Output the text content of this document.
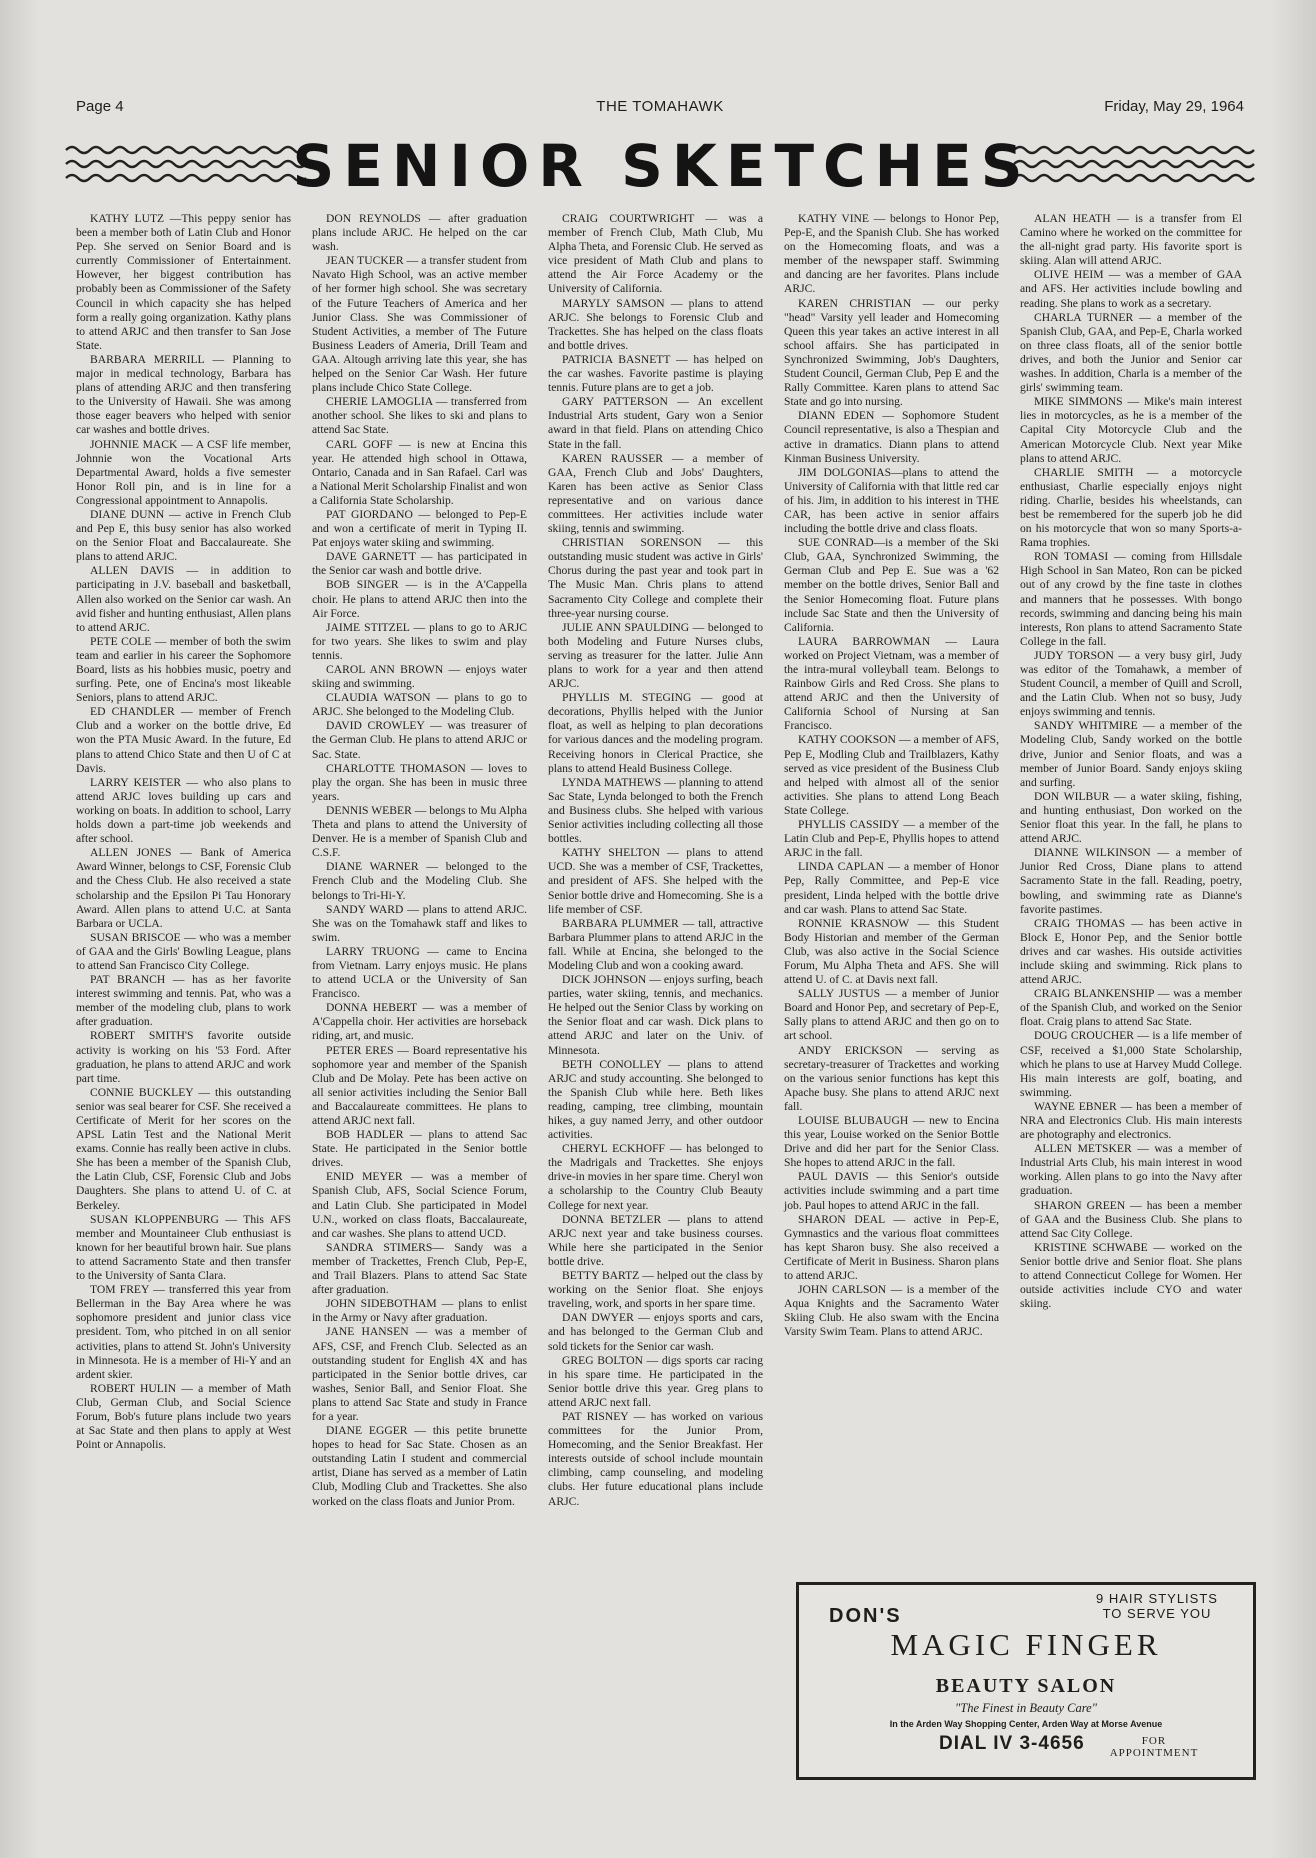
Page 4	THE TOMAHAWK	Friday, May 29, 1964
SENIOR SKETCHES

KATHY LUTZ —This peppy senior has been a member both of Latin Club and Honor Pep. She served on Senior Board and is currently Commissioner of Entertainment. However, her biggest contribution has probably been as Commissioner of the Safety Council in which capacity she has helped form a really going organization. Kathy plans to attend ARJC and then transfer to San Jose State.

BARBARA MERRILL — Planning to major in medical technology, Barbara has plans of attending ARJC and then transfering to the University of Hawaii. She was among those eager beavers who helped with senior car washes and bottle drives.

JOHNNIE MACK — A CSF life member, Johnnie won the Vocational Arts Departmental Award, holds a five semester Honor Roll pin, and is in line for a Congressional appointment to Annapolis.

DIANE DUNN — active in French Club and Pep E, this busy senior has also worked on the Senior Float and Baccalaureate. She plans to attend ARJC.

ALLEN DAVIS — in addition to participating in J.V. baseball and basketball, Allen also worked on the Senior car wash. An avid fisher and hunting enthusiast, Allen plans to attend ARJC.

PETE COLE — member of both the swim team and earlier in his career the Sophomore Board, lists as his hobbies music, poetry and surfing. Pete, one of Encina's most likeable Seniors, plans to attend ARJC.

ED CHANDLER — member of French Club and a worker on the bottle drive, Ed won the PTA Music Award. In the future, Ed plans to attend Chico State and then U of C at Davis.

LARRY KEISTER — who also plans to attend ARJC loves building up cars and working on boats. In addition to school, Larry holds down a part-time job weekends and after school.

ALLEN JONES — Bank of America Award Winner, belongs to CSF, Forensic Club and the Chess Club. He also received a state scholarship and the Epsilon Pi Tau Honorary Award. Allen plans to attend U.C. at Santa Barbara or UCLA.

SUSAN BRISCOE — who was a member of GAA and the Girls' Bowling League, plans to attend San Francisco City College.

PAT BRANCH — has as her favorite interest swimming and tennis. Pat, who was a member of the modeling club, plans to work after graduation.

ROBERT SMITH'S favorite outside activity is working on his '53 Ford. After graduation, he plans to attend ARJC and work part time.

CONNIE BUCKLEY — this outstanding senior was seal bearer for CSF. She received a Certificate of Merit for her scores on the APSL Latin Test and the National Merit exams. Connie has really been active in clubs. She has been a member of the Spanish Club, the Latin Club, CSF, Forensic Club and Jobs Daughters. She plans to attend U. of C. at Berkeley.

SUSAN KLOPPENBURG — This AFS member and Mountaineer Club enthusiast is known for her beautiful brown hair. Sue plans to attend Sacramento State and then transfer to the University of Santa Clara.

TOM FREY — transferred this year from Bellerman in the Bay Area where he was sophomore president and junior class vice president. Tom, who pitched in on all senior activities, plans to attend St. John's University in Minnesota. He is a member of Hi-Y and an ardent skier.

ROBERT HULIN — a member of Math Club, German Club, and Social Science Forum, Bob's future plans include two years at Sac State and then plans to apply at West Point or Annapolis.

DON REYNOLDS — after graduation plans include ARJC. He helped on the car wash.

JEAN TUCKER — a transfer student from Navato High School, was an active member of her former high school. She was secretary of the Future Teachers of America and her Junior Class. She was Commissioner of Student Activities, a member of The Future Business Leaders of Ameria, Drill Team and GAA. Altough arriving late this year, she has helped on the Senior Car Wash. Her future plans include Chico State College.

CHERIE LAMOGLIA — transferred from another school. She likes to ski and plans to attend Sac State.

CARL GOFF — is new at Encina this year. He attended high school in Ottawa, Ontario, Canada and in San Rafael. Carl was a National Merit Scholarship Finalist and won a California State Scholarship.

PAT GIORDANO — belonged to Pep-E and won a certificate of merit in Typing II. Pat enjoys water skiing and swimming.

DAVE GARNETT — has participated in the Senior car wash and bottle drive.

BOB SINGER — is in the A'Cappella choir. He plans to attend ARJC then into the Air Force.

JAIME STITZEL — plans to go to ARJC for two years. She likes to swim and play tennis.

CAROL ANN BROWN — enjoys water skiing and swimming.

CLAUDIA WATSON — plans to go to ARJC. She belonged to the Modeling Club.

DAVID CROWLEY — was treasurer of the German Club. He plans to attend ARJC or Sac. State.

CHARLOTTE THOMASON — loves to play the organ. She has been in music three years.

DENNIS WEBER — belongs to Mu Alpha Theta and plans to attend the University of Denver. He is a member of Spanish Club and C.S.F.

DIANE WARNER — belonged to the French Club and the Modeling Club. She belongs to Tri-Hi-Y.

SANDY WARD — plans to attend ARJC. She was on the Tomahawk staff and likes to swim.

LARRY TRUONG — came to Encina from Vietnam. Larry enjoys music. He plans to attend UCLA or the University of San Francisco.

DONNA HEBERT — was a member of A'Cappella choir. Her activities are horseback riding, art, and music.

PETER ERES — Board representative his sophomore year and member of the Spanish Club and De Molay. Pete has been active on all senior activities including the Senior Ball and Baccalaureate committees. He plans to attend ARJC next fall.

BOB HADLER — plans to attend Sac State. He participated in the Senior bottle drives.

ENID MEYER — was a member of Spanish Club, AFS, Social Science Forum, and Latin Club. She participated in Model U.N., worked on class floats, Baccalaureate, and car washes. She plans to attend UCD.

SANDRA STIMERS— Sandy was a member of Trackettes, French Club, Pep-E, and Trail Blazers. Plans to attend Sac State after graduation.

JOHN SIDEBOTHAM — plans to enlist in the Army or Navy after graduation.

JANE HANSEN — was a member of AFS, CSF, and French Club. Selected as an outstanding student for English 4X and has participated in the Senior bottle drives, car washes, Senior Ball, and Senior Float. She plans to attend Sac State and study in France for a year.

DIANE EGGER — this petite brunette hopes to head for Sac State. Chosen as an outstanding Latin I student and commercial artist, Diane has served as a member of Latin Club, Modling Club and Trackettes. She also worked on the class floats and Junior Prom.

CRAIG COURTWRIGHT — was a member of French Club, Math Club, Mu Alpha Theta, and Forensic Club. He served as vice president of Math Club and plans to attend the Air Force Academy or the University of California.

MARYLY SAMSON — plans to attend ARJC. She belongs to Forensic Club and Trackettes. She has helped on the class floats and bottle drives.

PATRICIA BASNETT — has helped on the car washes. Favorite pastime is playing tennis. Future plans are to get a job.

GARY PATTERSON — An excellent Industrial Arts student, Gary won a Senior award in that field. Plans on attending Chico State in the fall.

KAREN RAUSSER — a member of GAA, French Club and Jobs' Daughters, Karen has been active as Senior Class representative and on various dance committees. Her activities include water skiing, tennis and swimming.

CHRISTIAN SORENSON — this outstanding music student was active in Girls' Chorus during the past year and took part in The Music Man. Chris plans to attend Sacramento City College and complete their three-year nursing course.

JULIE ANN SPAULDING — belonged to both Modeling and Future Nurses clubs, serving as treasurer for the latter. Julie Ann plans to work for a year and then attend ARJC.

PHYLLIS M. STEGING — good at decorations, Phyllis helped with the Junior float, as well as helping to plan decorations for various dances and the modeling program. Receiving honors in Clerical Practice, she plans to attend Heald Business College.

LYNDA MATHEWS — planning to attend Sac State, Lynda belonged to both the French and Business clubs. She helped with various Senior activities including collecting all those bottles.

KATHY SHELTON — plans to attend UCD. She was a member of CSF, Trackettes, and president of AFS. She helped with the Senior bottle drive and Homecoming. She is a life member of CSF.

BARBARA PLUMMER — tall, attractive Barbara Plummer plans to attend ARJC in the fall. While at Encina, she belonged to the Modeling Club and won a cooking award.

DICK JOHNSON — enjoys surfing, beach parties, water skiing, tennis, and mechanics. He helped out the Senior Class by working on the Senior float and car wash. Dick plans to attend ARJC and later on the Univ. of Minnesota.

BETH CONOLLEY — plans to attend ARJC and study accounting. She belonged to the Spanish Club while here. Beth likes reading, camping, tree climbing, mountain hikes, a guy named Jerry, and other outdoor activities.

CHERYL ECKHOFF — has belonged to the Madrigals and Trackettes. She enjoys drive-in movies in her spare time. Cheryl won a scholarship to the Country Club Beauty College for next year.

DONNA BETZLER — plans to attend ARJC next year and take business courses. While here she participated in the Senior bottle drive.

BETTY BARTZ — helped out the class by working on the Senior float. She enjoys traveling, work, and sports in her spare time.

DAN DWYER — enjoys sports and cars, and has belonged to the German Club and sold tickets for the Senior car wash.

GREG BOLTON — digs sports car racing in his spare time. He participated in the Senior bottle drive this year. Greg plans to attend ARJC next fall.

PAT RISNEY — has worked on various committees for the Junior Prom, Homecoming, and the Senior Breakfast. Her interests outside of school include mountain climbing, camp counseling, and modeling clubs. Her future educational plans include ARJC.

KATHY VINE — belongs to Honor Pep, Pep-E, and the Spanish Club. She has worked on the Homecoming floats, and was a member of the newspaper staff. Swimming and dancing are her favorites. Plans include ARJC.

KAREN CHRISTIAN — our perky "head" Varsity yell leader and Homecoming Queen this year takes an active interest in all school affairs. She has participated in Synchronized Swimming, Job's Daughters, Student Council, German Club, Pep E and the Rally Committee. Karen plans to attend Sac State and go into nursing.

DIANN EDEN — Sophomore Student Council representative, is also a Thespian and active in dramatics. Diann plans to attend Kinman Business University.

JIM DOLGONIAS—plans to attend the University of California with that little red car of his. Jim, in addition to his interest in THE CAR, has been active in senior affairs including the bottle drive and class floats.

SUE CONRAD—is a member of the Ski Club, GAA, Synchronized Swimming, the German Club and Pep E. Sue was a '62 member on the bottle drives, Senior Ball and the Senior Homecoming float. Future plans include Sac State and then the University of California.

LAURA BARROWMAN — Laura worked on Project Vietnam, was a member of the intra-mural volleyball team. Belongs to Rainbow Girls and Red Cross. She plans to attend ARJC and then the University of California School of Nursing at San Francisco.

KATHY COOKSON — a member of AFS, Pep E, Modling Club and Trailblazers, Kathy served as vice president of the Business Club and helped with almost all of the senior activities. She plans to attend Long Beach State College.

PHYLLIS CASSIDY — a member of the Latin Club and Pep-E, Phyllis hopes to attend ARJC in the fall.

LINDA CAPLAN — a member of Honor Pep, Rally Committee, and Pep-E vice president, Linda helped with the bottle drive and car wash. Plans to attend Sac State.

RONNIE KRASNOW — this Student Body Historian and member of the German Club, was also active in the Social Science Forum, Mu Alpha Theta and AFS. She will attend U. of C. at Davis next fall.

SALLY JUSTUS — a member of Junior Board and Honor Pep, and secretary of Pep-E, Sally plans to attend ARJC and then go on to art school.

ANDY ERICKSON — serving as secretary-treasurer of Trackettes and working on the various senior functions has kept this Apache busy. She plans to attend ARJC next fall.

LOUISE BLUBAUGH — new to Encina this year, Louise worked on the Senior Bottle Drive and did her part for the Senior Class. She hopes to attend ARJC in the fall.

PAUL DAVIS — this Senior's outside activities include swimming and a part time job. Paul hopes to attend ARJC in the fall.

SHARON DEAL — active in Pep-E, Gymnastics and the various float committees has kept Sharon busy. She also received a Certificate of Merit in Business. Sharon plans to attend ARJC.

JOHN CARLSON — is a member of the Aqua Knights and the Sacramento Water Skiing Club. He also swam with the Encina Varsity Swim Team. Plans to attend ARJC.

ALAN HEATH — is a transfer from El Camino where he worked on the committee for the all-night grad party. His favorite sport is skiing. Alan will attend ARJC.

OLIVE HEIM — was a member of GAA and AFS. Her activities include bowling and reading. She plans to work as a secretary.

CHARLA TURNER — a member of the Spanish Club, GAA, and Pep-E, Charla worked on three class floats, all of the senior bottle drives, and both the Junior and Senior car washes. In addition, Charla is a member of the girls' swimming team.

MIKE SIMMONS — Mike's main interest lies in motorcycles, as he is a member of the Capital City Motorcycle Club and the American Motorcycle Club. Next year Mike plans to attend ARJC.

CHARLIE SMITH — a motorcycle enthusiast, Charlie especially enjoys night riding. Charlie, besides his wheelstands, can best be remembered for the superb job he did on his motorcycle that won so many Sports-a-Rama trophies.

RON TOMASI — coming from Hillsdale High School in San Mateo, Ron can be picked out of any crowd by the fine taste in clothes and manners that he possesses. With bongo records, swimming and dancing being his main interests, Ron plans to attend Sacramento State College in the fall.

JUDY TORSON — a very busy girl, Judy was editor of the Tomahawk, a member of Student Council, a member of Quill and Scroll, and the Latin Club. When not so busy, Judy enjoys swimming and tennis.

SANDY WHITMIRE — a member of the Modeling Club, Sandy worked on the bottle drive, Junior and Senior floats, and was a member of Junior Board. Sandy enjoys skiing and surfing.

DON WILBUR — a water skiing, fishing, and hunting enthusiast, Don worked on the Senior float this year. In the fall, he plans to attend ARJC.

DIANNE WILKINSON — a member of Junior Red Cross, Diane plans to attend Sacramento State in the fall. Reading, poetry, bowling, and swimming rate as Dianne's favorite pastimes.

CRAIG THOMAS — has been active in Block E, Honor Pep, and the Senior bottle drives and car washes. His outside activities include skiing and swimming. Rick plans to attend ARJC.

CRAIG BLANKENSHIP — was a member of the Spanish Club, and worked on the Senior float. Craig plans to attend Sac State.

DOUG CROUCHER — is a life member of CSF, received a $1,000 State Scholarship, which he plans to use at Harvey Mudd College. His main interests are golf, boating, and swimming.

WAYNE EBNER — has been a member of NRA and Electronics Club. His main interests are photography and electronics.

ALLEN METSKER — was a member of Industrial Arts Club, his main interest in wood working. Allen plans to go into the Navy after graduation.

SHARON GREEN — has been a member of GAA and the Business Club. She plans to attend Sac City College.

KRISTINE SCHWABE — worked on the Senior bottle drive and Senior float. She plans to attend Connecticut College for Women. Her outside activities include CYO and water skiing.

DON'S
9 HAIR STYLISTS TO SERVE YOU
MAGIC FINGER
BEAUTY SALON
"The Finest in Beauty Care"
In the Arden Way Shopping Center, Arden Way at Morse Avenue
DIAL IV 3-4656	FOR APPOINTMENT
